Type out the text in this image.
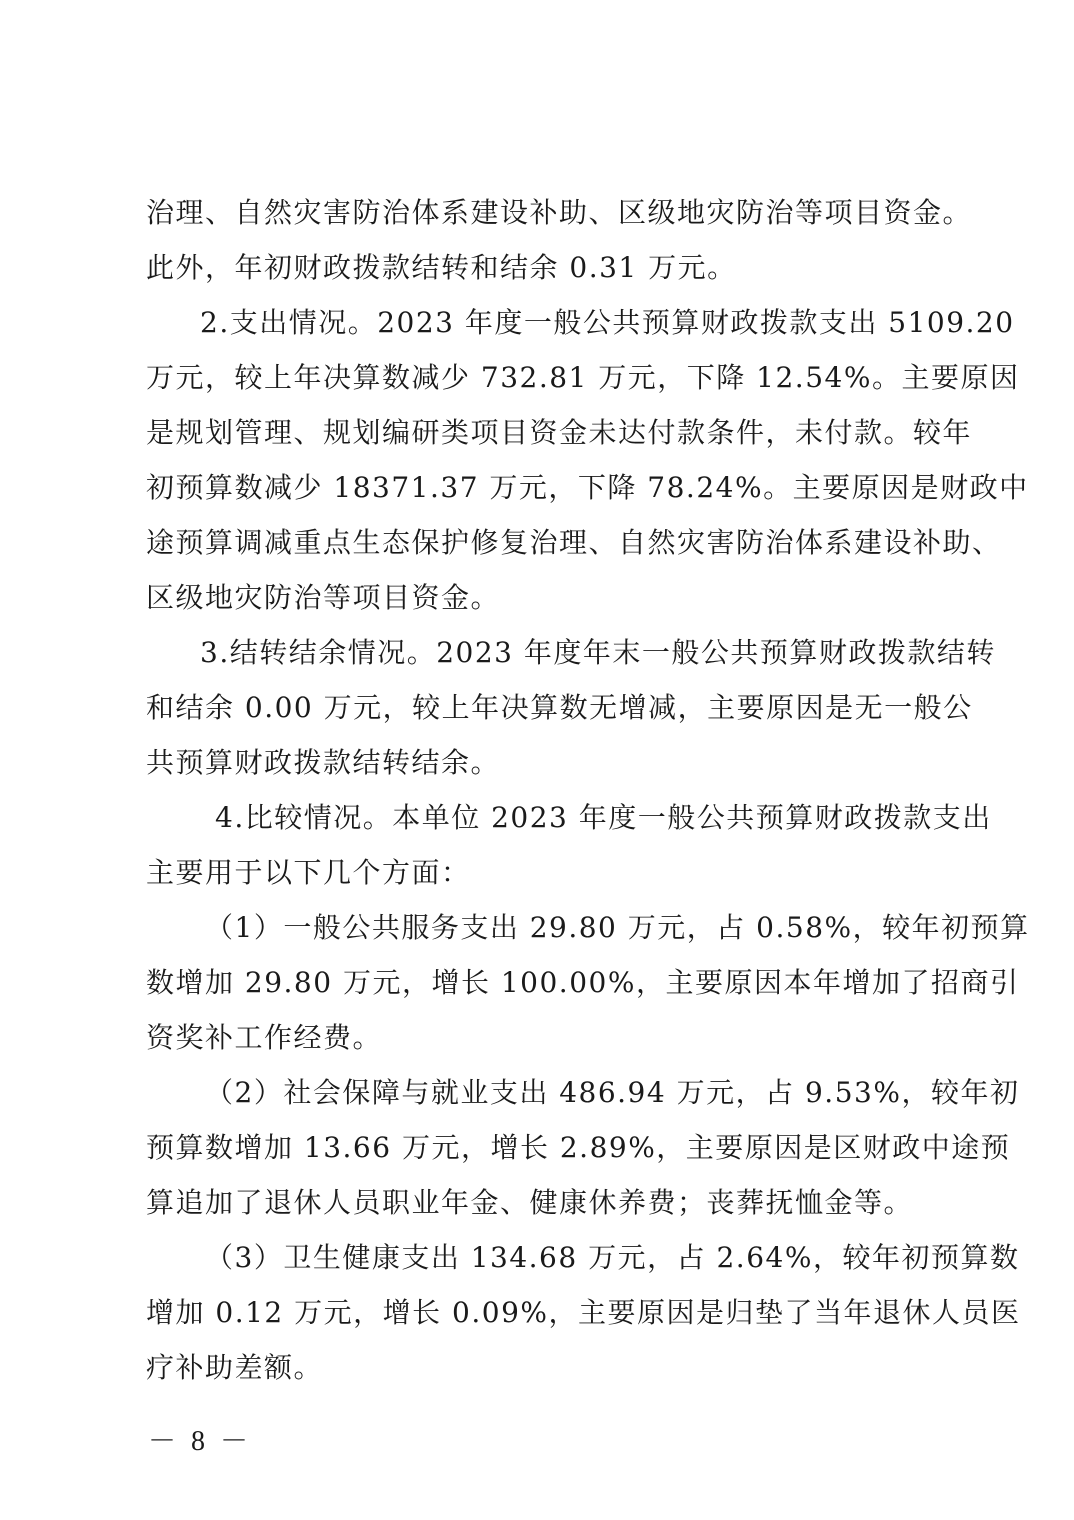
治理、自然灾害防治体系建设补助、区级地灾防治等项目资金。
此外，年初财政拨款结转和结余 0.31 万元。
2.支出情况。2023 年度一般公共预算财政拨款支出 5109.20
万元，较上年决算数减少 732.81 万元，下降 12.54%。主要原因
是规划管理、规划编研类项目资金未达付款条件，未付款。较年
初预算数减少 18371.37 万元，下降 78.24%。主要原因是财政中
途预算调减重点生态保护修复治理、自然灾害防治体系建设补助、
区级地灾防治等项目资金。
3.结转结余情况。2023 年度年末一般公共预算财政拨款结转
和结余 0.00 万元，较上年决算数无增减，主要原因是无一般公
共预算财政拨款结转结余。
4.比较情况。本单位 2023 年度一般公共预算财政拨款支出
主要用于以下几个方面：
（1）一般公共服务支出 29.80 万元，占 0.58%，较年初预算
数增加 29.80 万元，增长 100.00%，主要原因本年增加了招商引
资奖补工作经费。
（2）社会保障与就业支出 486.94 万元，占 9.53%，较年初
预算数增加 13.66 万元，增长 2.89%，主要原因是区财政中途预
算追加了退休人员职业年金、健康休养费；丧葬抚恤金等。
（3）卫生健康支出 134.68 万元，占 2.64%，较年初预算数
增加 0.12 万元，增长 0.09%，主要原因是归垫了当年退休人员医
疗补助差额。
－ 8 －
